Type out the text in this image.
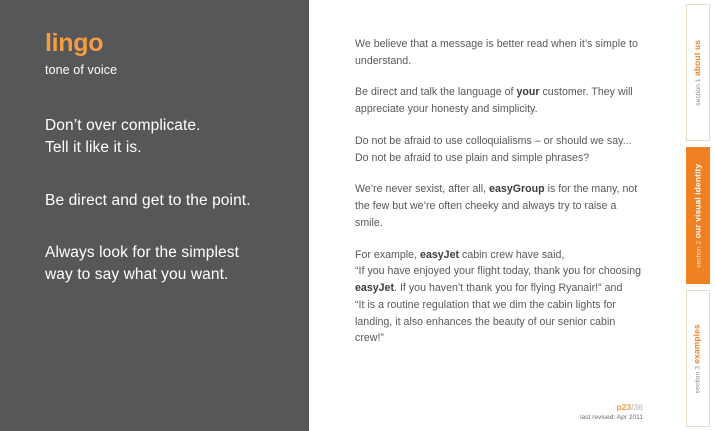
lingo
tone of voice
Don’t over complicate.
Tell it like it is.
Be direct and get to the point.
Always look for the simplest
way to say what you want.
We believe that a message is better read when it’s simple to understand.
Be direct and talk the language of your customer. They will appreciate your honesty and simplicity.
Do not be afraid to use colloquialisms – or should we say... Do not be afraid to use plain and simple phrases?
We’re never sexist, after all, easyGroup is for the many, not the few but we’re often cheeky and always try to raise a smile.
For example, easyJet cabin crew have said,
“If you have enjoyed your flight today, thank you for choosing easyJet. If you haven’t thank you for flying Ryanair!” and
“It is a routine regulation that we dim the cabin lights for landing, it also enhances the beauty of our senior cabin crew!”
p23/36
last revised: Apr 2011
section 1 about us
section 2 our visual identity
section 3 examples
